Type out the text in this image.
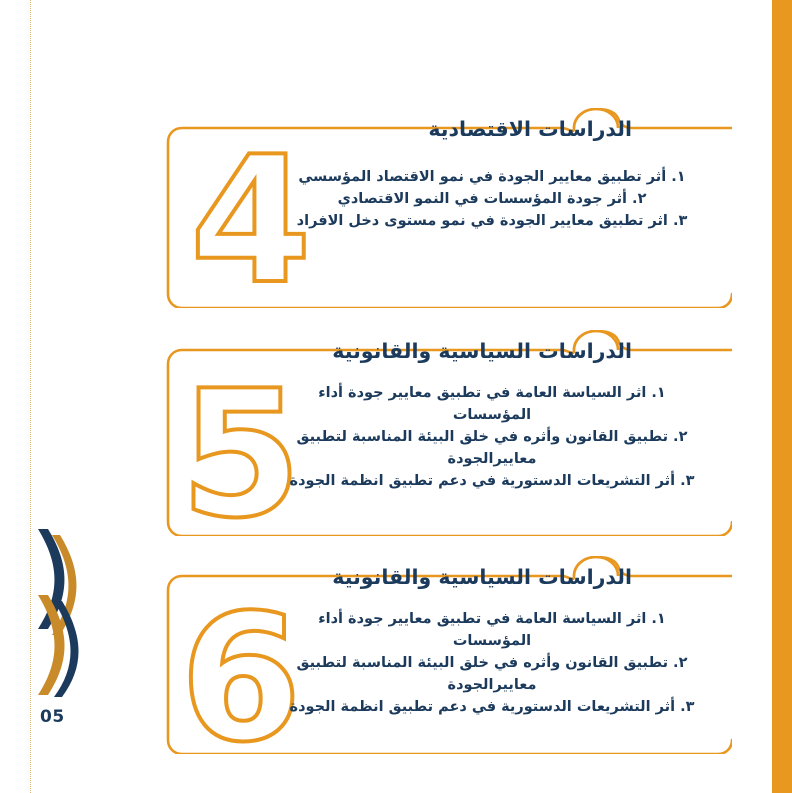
05
الدراسات الاقتصادية
4
١. أثر تطبيق معايير الجودة في نمو الاقتصاد المؤسسي
٢. أثر جودة المؤسسات في النمو الاقتصادي
٣. اثر تطبيق معايير الجودة في نمو مستوى دخل الافراد
الدراسات السياسية والقانونية
5	١. اثر السياسة العامة في تطبيق معايير جودة أداء المؤسسات
٢. تطبيق القانون وأثره في خلق البيئة المناسبة لتطبيق معاييرالجودة
٣. أثر التشريعات الدستورية في دعم تطبيق انظمة الجودة
الدراسات السياسية والقانونية
6	١. اثر السياسة العامة في تطبيق معايير جودة أداء المؤسسات
٢. تطبيق القانون وأثره في خلق البيئة المناسبة لتطبيق معاييرالجودة
٣. أثر التشريعات الدستورية في دعم تطبيق انظمة الجودة
